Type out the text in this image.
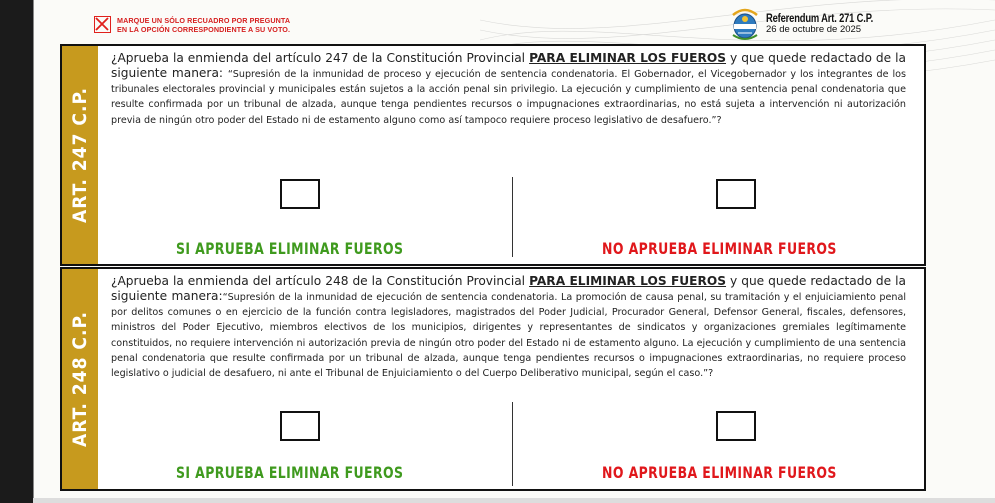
MARQUE UN SÓLO RECUADRO POR PREGUNTA
EN LA OPCIÓN CORRESPONDIENTE A SU VOTO.
Referendum Art. 271 C.P.
26 de octubre de 2025
ART. 247 C.P.
¿Aprueba la enmienda del artículo 247 de la Constitución Provincial PARA ELIMINAR LOS FUEROS y que quede redactado de la siguiente manera: “Supresión de la inmunidad de proceso y ejecución de sentencia condenatoria. El Gobernador, el Vicegobernador y los integrantes de los tribunales electorales provincial y municipales están sujetos a la acción penal sin privilegio. La ejecución y cumplimiento de una sentencia penal condenatoria que resulte confirmada por un tribunal de alzada, aunque tenga pendientes recursos o impugnaciones extraordinarias, no está sujeta a intervención ni autorización previa de ningún otro poder del Estado ni de estamento alguno como así tampoco requiere proceso legislativo de desafuero.”?
SI APRUEBA ELIMINAR FUEROS	NO APRUEBA ELIMINAR FUEROS
ART. 248 C.P.
¿Aprueba la enmienda del artículo 248 de la Constitución Provincial PARA ELIMINAR LOS FUEROS y que quede redactado de la siguiente manera:“Supresión de la inmunidad de ejecución de sentencia condenatoria. La promoción de causa penal, su tramitación y el enjuiciamiento penal por delitos comunes o en ejercicio de la función contra legisladores, magistrados del Poder Judicial, Procurador General, Defensor General, fiscales, defensores, ministros del Poder Ejecutivo, miembros electivos de los municipios, dirigentes y representantes de sindicatos y organizaciones gremiales legítimamente constituidos, no requiere intervención ni autorización previa de ningún otro poder del Estado ni de estamento alguno. La ejecución y cumplimiento de una sentencia penal condenatoria que resulte confirmada por un tribunal de alzada, aunque tenga pendientes recursos o impugnaciones extraordinarias, no requiere proceso legislativo o judicial de desafuero, ni ante el Tribunal de Enjuiciamiento o del Cuerpo Deliberativo municipal, según el caso.”?
SI APRUEBA ELIMINAR FUEROS	NO APRUEBA ELIMINAR FUEROS
